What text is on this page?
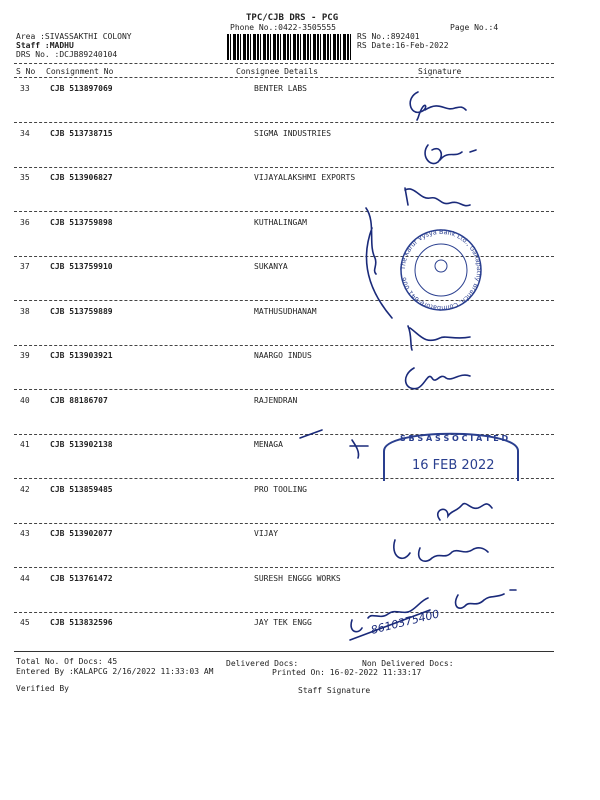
TPC/CJB DRS - PCG
Phone No.:0422-3505555	Page No.:4
Area :SIVASSAKTHI COLONY
Staff :MADHU
DRS No. :DCJB89240104
RS No.:892401
RS Date:16-Feb-2022
S No Consignment No	Consignee Details	Signature
33	CJB 513897069	BENTER LABS
34	CJB 513738715	SIGMA INDUSTRIES
35	CJB 513906827	VIJAYALAKSHMI EXPORTS
36	CJB 513759898	KUTHALINGAM
37	CJB 513759910	SUKANYA
38	CJB 513759889	MATHUSUDHANAM
39	CJB 513903921	NAARGO INDUS
40	CJB 88186707	RAJENDRAN
41	CJB 513902138	MENAGA
42	CJB 513859485	PRO TOOLING
43	CJB 513902077	VIJAY
44	CJB 513761472	SURESH ENGGG WORKS
45	CJB 513832596	JAY TEK ENGG
Total No. Of Docs: 45	Delivered Docs:	Non Delivered Docs:
Entered By :KALAPCG 2/16/2022 11:33:03 AM	Printed On: 16-02-2022 11:33:17
Verified By	Staff Signature
8610375400
The Karur Vysya Bank Ltd., Ganapathy Branch, Coimbatore-641 006
S B S A S S O C I A T E D
16 FEB 2022
